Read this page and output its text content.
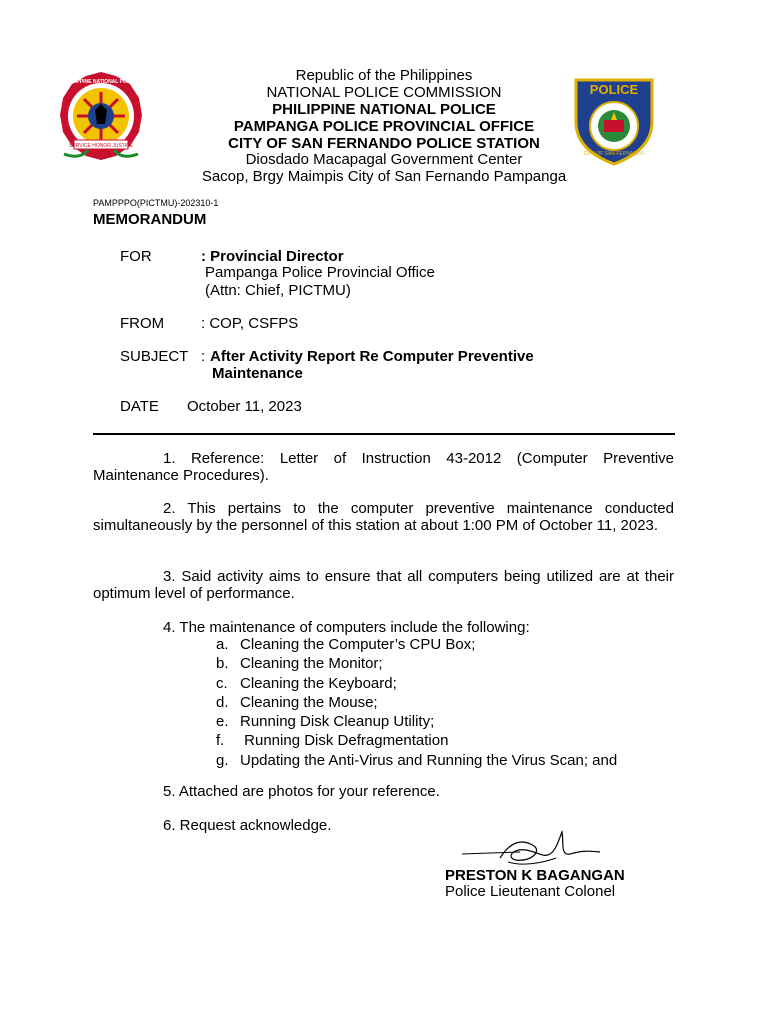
SERVICE HONOR JUSTICE
PHILIPPINE NATIONAL POLICE	POLICE
CITY OF SAN FERNANDO
Republic of the Philippines
NATIONAL POLICE COMMISSION
PHILIPPINE NATIONAL POLICE
PAMPANGA POLICE PROVINCIAL OFFICE
CITY OF SAN FERNANDO POLICE STATION
Diosdado Macapagal Government Center
Sacop, Brgy Maimpis City of San Fernando Pampanga
PAMPPPO(PICTMU)-202310-1
MEMORANDUM
FOR	: Provincial Director
Pampanga Police Provincial Office
(Attn: Chief, PICTMU)
FROM : COP, CSFPS
SUBJECT : After Activity Report Re Computer Preventive
Maintenance
DATE October 11, 2023
1. Reference: Letter of Instruction 43-2012 (Computer Preventive Maintenance Procedures).
2. This pertains to the computer preventive maintenance conducted simultaneously by the personnel of this station at about 1:00 PM of October 11, 2023.
3. Said activity aims to ensure that all computers being utilized are at their optimum level of performance.
4. The maintenance of computers include the following:
a. Cleaning the Computer’s CPU Box;
b. Cleaning the Monitor;
c. Cleaning the Keyboard;
d. Cleaning the Mouse;
e. Running Disk Cleanup Utility;
f. Running Disk Defragmentation
g. Updating the Anti-Virus and Running the Virus Scan; and
5. Attached are photos for your reference.
6. Request acknowledge.
PRESTON K BAGANGAN
Police Lieutenant Colonel
